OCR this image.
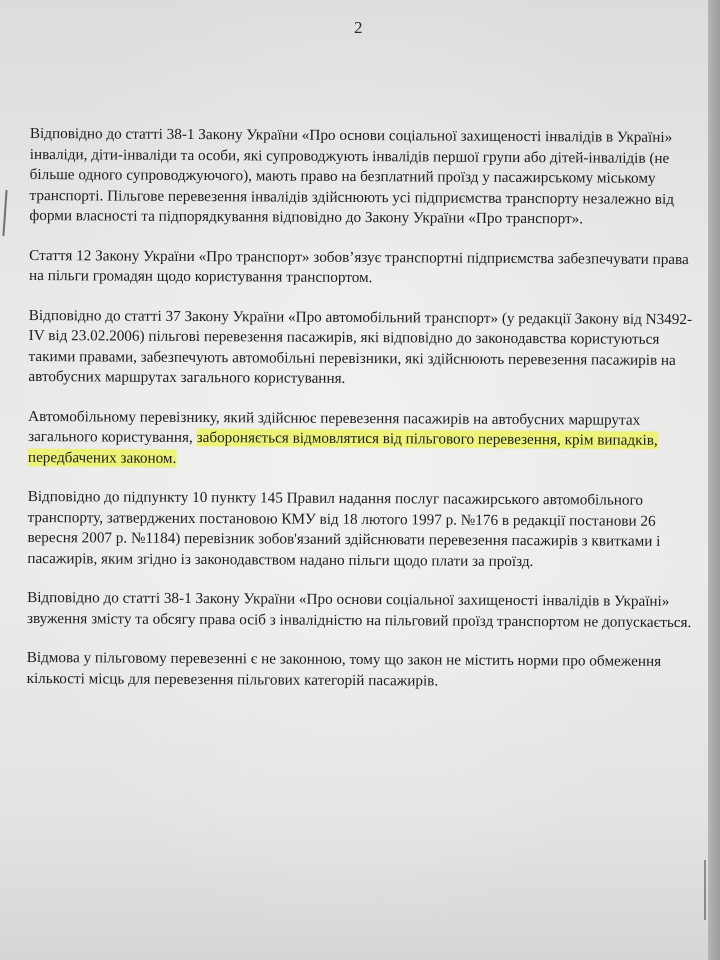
2

Відповідно до статті 38-1 Закону України «Про основи соціальної захищеності інвалідів в Україні» інваліди, діти-інваліди та особи, які супроводжують інвалідів першої групи або дітей-інвалідів (не більше одного супроводжуючого), мають право на безплатний проїзд у пасажирському міському транспорті. Пільгове перевезення інвалідів здійснюють усі підприємства транспорту незалежно від форми власності та підпорядкування відповідно до Закону України «Про транспорт».

Стаття 12 Закону України «Про транспорт» зобов’язує транспортні підприємства забезпечувати права на пільги громадян щодо користування транспортом.

Відповідно до статті 37 Закону України «Про автомобільний транспорт» (у редакції Закону від N3492-IV від 23.02.2006) пільгові перевезення пасажирів, які відповідно до законодавства користуються такими правами, забезпечують автомобільні перевізники, які здійснюють перевезення пасажирів на автобусних маршрутах загального користування.

Автомобільному перевізнику, який здійснює перевезення пасажирів на автобусних маршрутах загального користування, забороняється відмовлятися від пільгового перевезення, крім випадків, передбачених законом.

Відповідно до підпункту 10 пункту 145 Правил надання послуг пасажирського автомобільного транспорту, затверджених постановою КМУ від 18 лютого 1997 р. №176 в редакції постанови 26 вересня 2007 р. №1184) перевізник зобов'язаний здійснювати перевезення пасажирів з квитками і пасажирів, яким згідно із законодавством надано пільги щодо плати за проїзд.

Відповідно до статті 38-1 Закону України «Про основи соціальної захищеності інвалідів в Україні» звуження змісту та обсягу права осіб з інвалідністю на пільговий проїзд транспортом не допускається.

Відмова у пільговому перевезенні є не законною, тому що закон не містить норми про обмеження кількості місць для перевезення пільгових категорій пасажирів.
